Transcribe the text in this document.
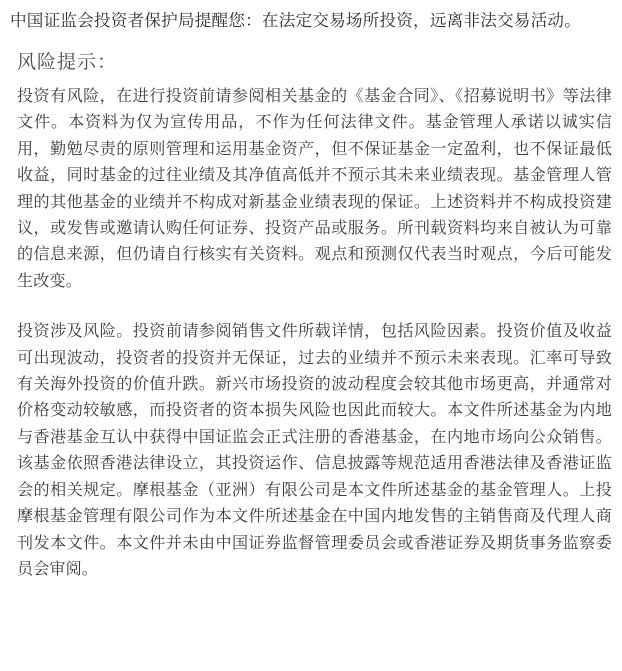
中国证监会投资者保护局提醒您：在法定交易场所投资，远离非法交易活动。

风险提示：

投资有风险，在进行投资前请参阅相关基金的《基金合同》、《招募说明书》等法律文件。本资料为仅为宣传用品，不作为任何法律文件。基金管理人承诺以诚实信用，勤勉尽责的原则管理和运用基金资产，但不保证基金一定盈利，也不保证最低收益，同时基金的过往业绩及其净值高低并不预示其未来业绩表现。基金管理人管理的其他基金的业绩并不构成对新基金业绩表现的保证。上述资料并不构成投资建议，或发售或邀请认购任何证券、投资产品或服务。所刊载资料均来自被认为可靠的信息来源，但仍请自行核实有关资料。观点和预测仅代表当时观点，今后可能发生改变。

投资涉及风险。投资前请参阅销售文件所载详情，包括风险因素。投资价值及收益可出现波动，投资者的投资并无保证，过去的业绩并不预示未来表现。汇率可导致有关海外投资的价值升跌。新兴市场投资的波动程度会较其他市场更高，并通常对价格变动较敏感，而投资者的资本损失风险也因此而较大。本文件所述基金为内地与香港基金互认中获得中国证监会正式注册的香港基金，在内地市场向公众销售。该基金依照香港法律设立，其投资运作、信息披露等规范适用香港法律及香港证监会的相关规定。摩根基金（亚洲）有限公司是本文件所述基金的基金管理人。上投摩根基金管理有限公司作为本文件所述基金在中国内地发售的主销售商及代理人商刊发本文件。本文件并未由中国证券监督管理委员会或香港证券及期货事务监察委员会审阅。
